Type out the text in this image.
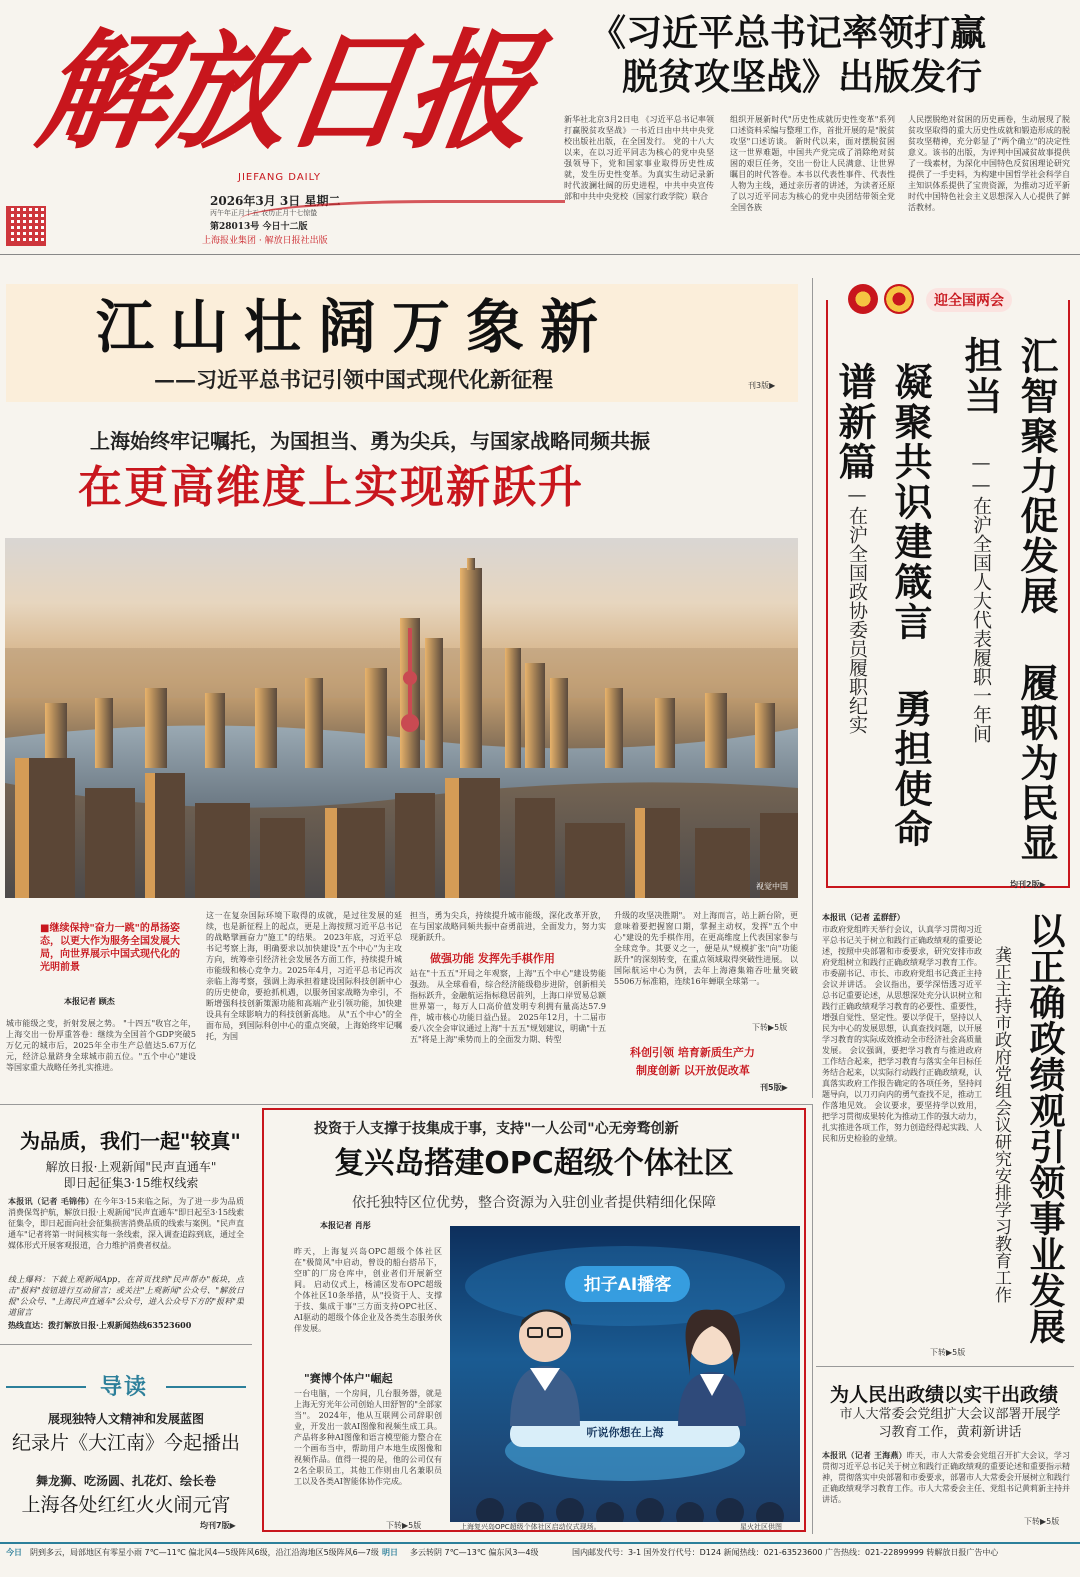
解放日报
JIEFANG DAILY
2026年3月 3日 星期二
丙午年正月十五 农历正月十七惊蛰
第28013号 今日十二版
上海报业集团 · 解放日报社出版
《习近平总书记率领打赢
脱贫攻坚战》出版发行
新华社北京3月2日电 《习近平总书记率领打赢脱贫攻坚战》一书近日由中共中央党校出版社出版，在全国发行。 党的十八大以来，在以习近平同志为核心的党中央坚强领导下，党和国家事业取得历史性成就，发生历史性变革。为真实生动记录新时代波澜壮阔的历史进程，中共中央宣传部和中共中央党校（国家行政学院）联合
组织开展新时代"历史性成就历史性变革"系列口述资料采编与整理工作，首批开展的是"脱贫攻坚"口述访谈。 新时代以来，面对摆脱贫困这一世界难题，中国共产党完成了消除绝对贫困的艰巨任务，交出一份让人民满意、让世界瞩目的时代答卷。本书以代表性事件、代表性人物为主线，通过亲历者的讲述，为读者还原了以习近平同志为核心的党中央团结带领全党全国各族
人民摆脱绝对贫困的历史画卷，生动展现了脱贫攻坚取得的重大历史性成就和锻造形成的脱贫攻坚精神，充分彰显了"两个确立"的决定性意义。该书的出版，为评判中国减贫故事提供了一线素材，为深化中国特色反贫困理论研究提供了一手史料，为构建中国哲学社会科学自主知识体系提供了宝贵资源，为推动习近平新时代中国特色社会主义思想深入人心提供了鲜活教材。
江山壮阔万象新
——习近平总书记引领中国式现代化新征程	刊3版▶
上海始终牢记嘱托，为国担当、勇为尖兵，与国家战略同频共振
在更高维度上实现新跃升
视觉中国
■继续保持"奋力一跳"的昂扬姿态，以更大作为服务全国发展大局，向世界展示中国式现代化的光明前景
本报记者 顾杰
城市能级之变，折射发展之势。 "十四五"收官之年，上海交出一份厚重答卷：继续为全国首个GDP突破5万亿元的城市后，2025年全市生产总值达5.67万亿元，经济总量跻身全球城市前五位。"五个中心"建设等国家重大战略任务扎实推进。
这一在复杂国际环境下取得的成就，是过往发展的延续，也是新征程上的起点，更是上海按照习近平总书记的战略擘画奋力"施工"的结果。 2023年底，习近平总书记考察上海，明确要求以加快建设"五个中心"为主攻方向，统筹牵引经济社会发展各方面工作，持续提升城市能级和核心竞争力。2025年4月，习近平总书记再次亲临上海考察，强调上海承担着建设国际科技创新中心的历史使命，要抢抓机遇，以服务国家战略为牵引，不断增强科技创新策源功能和高端产业引领功能，加快建设具有全球影响力的科技创新高地。 从"五个中心"的全面布局，到国际科创中心的重点突破，上海始终牢记嘱托，为国
担当，勇为尖兵，持续提升城市能级，深化改革开放，在与国家战略同频共振中奋勇前进，全面发力，努力实现新跃升。
做强功能 发挥先手棋作用
站在"十五五"开局之年观察，上海"五个中心"建设势能强劲。 从全球看看，综合经济能级稳步进阶，创新相关指标跃升，金融航运指标稳居前列，上海口岸贸易总额世界第一，每万人口高价值发明专利拥有量高达57.9件，城市核心功能日益凸显。 2025年12月，十二届市委八次全会审议通过上海"十五五"规划建议，明确"十五五"将是上海"乘势而上的全面发力期、转型
升级的攻坚决胜期"。 对上海而言，站上新台阶，更意味着要把握窗口期，掌握主动权，发挥"五个中心"建设的先手棋作用，在更高维度上代表国家参与全球竞争。其要义之一，便是从"规模扩张"向"功能跃升"的深刻转变，在重点领域取得突破性进展。 以国际航运中心为例，去年上海港集箱吞吐量突破5506万标准箱，连续16年蝉联全球第一。
下转▶5版
科创引领 培育新质生产力
制度创新 以开放促改革
刊5版▶
迎全国两会
汇智聚力促发展 履职为民显担当
——在沪全国人大代表履职一年间
凝聚共识建箴言 勇担使命谱新篇
——在沪全国政协委员履职纪实
均刊2版▶
以正确政绩观引领事业发展
龚正主持市政府党组会议研究安排学习教育工作
本报讯（记者 孟群舒）
市政府党组昨天举行会议，认真学习贯彻习近平总书记关于树立和践行正确政绩观的重要论述，按照中央部署和市委要求，研究安排市政府党组树立和践行正确政绩观学习教育工作。市委副书记、市长、市政府党组书记龚正主持会议并讲话。 会议指出，要学深悟透习近平总书记重要论述，从思想深处充分认识树立和践行正确政绩观学习教育的必要性、重要性，增强自觉性、坚定性。要以学促干，坚持以人民为中心的发展思想，认真查找问题，以开展学习教育的实际成效推动全市经济社会高质量发展。 会议强调，要把学习教育与推进政府工作结合起来，把学习教育与落实全年目标任务结合起来，以实际行动践行正确政绩观，认真落实政府工作报告确定的各项任务，坚持问题导向，以刀刃向内的勇气查找不足，推动工作落地见效。 会议要求，要坚持学以致用，把学习贯彻成果转化为推动工作的强大动力，扎实推进各项工作，努力创造经得起实践、人民和历史检验的业绩。
下转▶5版
为人民出政绩以实干出政绩
市人大常委会党组扩大会议部署开展学习教育工作，黄莉新讲话
本报讯（记者 王海燕）昨天，市人大常委会党组召开扩大会议，学习贯彻习近平总书记关于树立和践行正确政绩观的重要论述和重要指示精神，贯彻落实中央部署和市委要求，部署市人大常委会开展树立和践行正确政绩观学习教育工作。市人大常委会主任、党组书记黄莉新主持并讲话。
下转▶5版
为品质，我们一起"较真"
解放日报·上观新闻"民声直通车"
即日起征集3·15维权线索
本报讯（记者 毛锦伟）在今年3·15来临之际，为了进一步为品质消费保驾护航，解放日报·上观新闻"民声直通车"即日起至3·15线索征集令，即日起面向社会征集损害消费品质的线索与案例。"民声直通车"记者将第一时间核实每一条线索，深入调查追踪到底，通过全媒体形式开展客观报道，合力维护消费者权益。
线上爆料：下载上观新闻App，在首页找到"民声帮办"板块，点击"报料"按钮进行互动留言；或关注"上观新闻"公众号、"解放日报"公众号、"上海民声直通车"公众号，进入公众号下方的"报料"渠道留言
热线直达：拨打解放日报·上观新闻热线63523600
导读
展现独特人文精神和发展蓝图
纪录片《大江南》今起播出
舞龙狮、吃汤圆、扎花灯、绘长卷
上海各处红红火火闹元宵
均刊7版▶
投资于人支撑于技集成于事，支持"一人公司"心无旁骛创新
复兴岛搭建OPC超级个体社区
依托独特区位优势，整合资源为入驻创业者提供精细化保障
本报记者 肖彤
昨天，上海复兴岛OPC超级个体社区在"极简风"中启动，曾设的船台搭吊下，空旷的厂房仓库中，创业者们开展新空间。 启动仪式上，杨浦区发布OPC超级个体社区10条举措，从"投资于人、支撑于技、集成于事"三方面支持OPC社区、AI驱动的超级个体企业及各类生态服务伙伴发展。
"赛博个体户"崛起
一台电脑，一个房间，几台服务器，就是上海无穷光年公司创始人田舒智的"全部家当"。 2024年，他从互联网公司辞职创业，开发出一款AI图像和视频生成工具。产品将多种AI图像和语言模型能力整合在一个画布当中，帮助用户本地生成图像和视频作品。值得一提的是，他的公司仅有2名全职员工，其他工作则由几名兼职员工以及各类AI智能体协作完成。
扣子AI播客
听说你想在上海
下转▶5版	上海复兴岛OPC超级个体社区启动仪式现场。	星火社区供图
今日 阴到多云，局部地区有零星小雨 7℃—11℃ 偏北风4—5级阵风6级，沿江沿海地区5级阵风6—7级 明日 多云转阴 7℃—13℃ 偏东风3—4级	国内邮发代号：3-1 国外发行代号：D124 新闻热线：021-63523600 广告热线：021-22899999 转解放日报广告中心
